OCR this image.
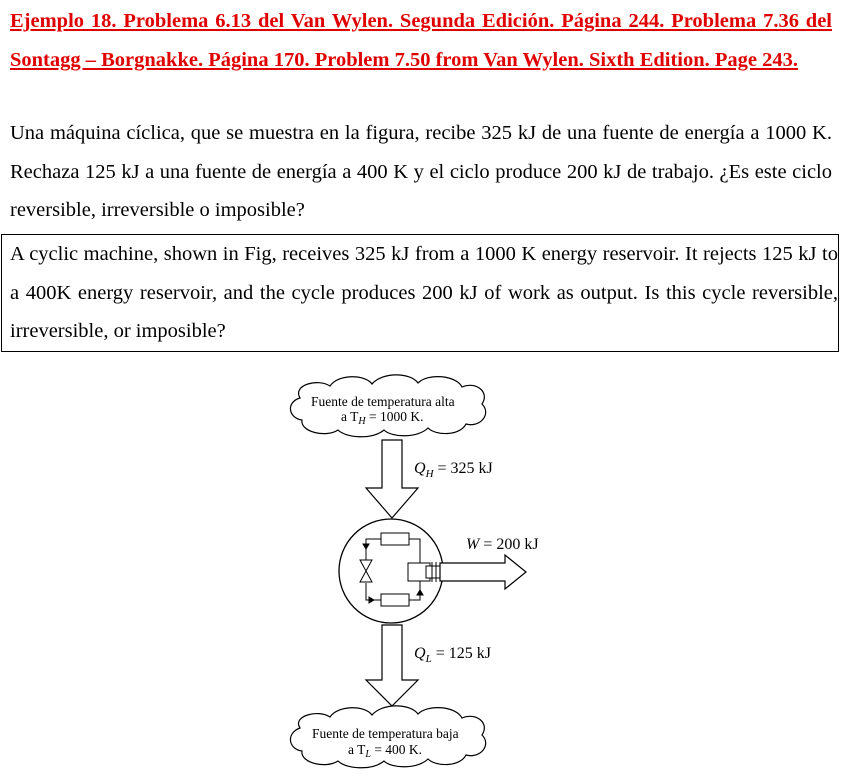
Ejemplo 18. Problema 6.13 del Van Wylen. Segunda Edición. Página 244. Problema 7.36 del Sontagg – Borgnakke. Página 170. Problem 7.50 from Van Wylen. Sixth Edition. Page 243.
Una máquina cíclica, que se muestra en la figura, recibe 325 kJ de una fuente de energía a 1000 K. Rechaza 125 kJ a una fuente de energía a 400 K y el ciclo produce 200 kJ de trabajo. ¿Es este ciclo reversible, irreversible o imposible?
A cyclic machine, shown in Fig, receives 325 kJ from a 1000 K energy reservoir. It rejects 125 kJ to a 400K energy reservoir, and the cycle produces 200 kJ of work as output. Is this cycle reversible, irreversible, or imposible?
Fuente de temperatura alta
a $T_H = 1000$ K.
$Q_H = 325$ kJ
W = 200 kJ
$Q_L = 125$ kJ
Fuente de temperatura baja
a $T_L = 400$ K.
